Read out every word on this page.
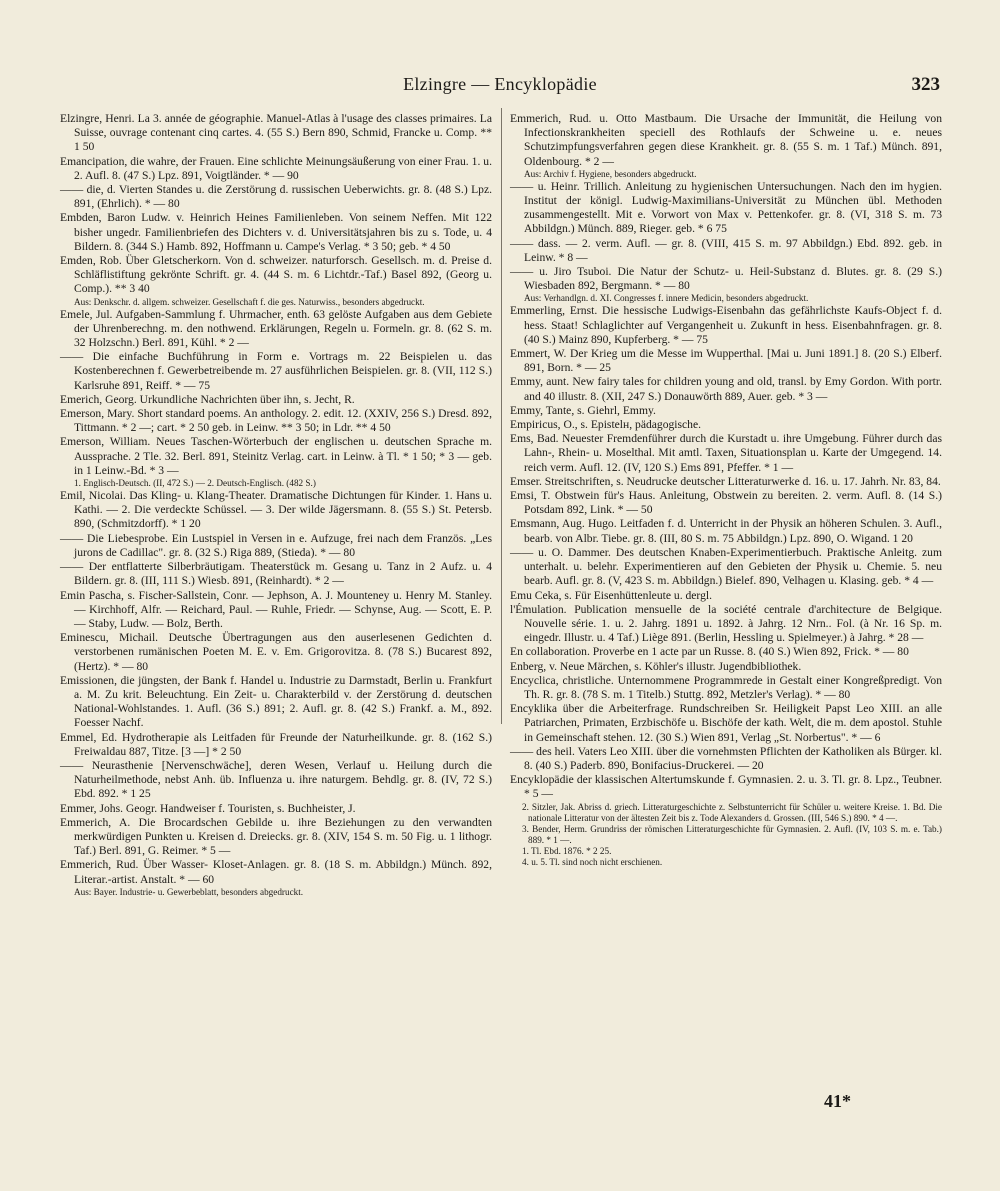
Elzingre — Encyklopädie	323
Elzingre, Henri. La 3. année de géographie. Manuel-Atlas à l'usage des classes primaires. La Suisse, ouvrage contenant cinq cartes. 4. (55 S.) Bern 890, Schmid, Francke u. Comp. ** 1 50
Emancipation, die wahre, der Frauen. Eine schlichte Meinungsäußerung von einer Frau. 1. u. 2. Aufl. 8. (47 S.) Lpz. 891, Voigtländer. * — 90
—— die, d. Vierten Standes u. die Zerstörung d. russischen Ueberwichts. gr. 8. (48 S.) Lpz. 891, (Ehrlich). * — 80
Embden, Baron Ludw. v. Heinrich Heines Familienleben. Von seinem Neffen. Mit 122 bisher ungedr. Familienbriefen des Dichters v. d. Universitätsjahren bis zu s. Tode, u. 4 Bildern. 8. (344 S.) Hamb. 892, Hoffmann u. Campe's Verlag. * 3 50; geb. * 4 50
Emden, Rob. Über Gletscherkorn. Von d. schweizer. naturforsch. Gesellsch. m. d. Preise d. Schläflistiftung gekrönte Schrift. gr. 4. (44 S. m. 6 Lichtdr.-Taf.) Basel 892, (Georg u. Comp.). ** 3 40
Aus: Denkschr. d. allgem. schweizer. Gesellschaft f. die ges. Naturwiss., besonders abgedruckt.
Emele, Jul. Aufgaben-Sammlung f. Uhrmacher, enth. 63 gelöste Aufgaben aus dem Gebiete der Uhrenberechng. m. den nothwend. Erklärungen, Regeln u. Formeln. gr. 8. (62 S. m. 32 Holzschn.) Berl. 891, Kühl. * 2 —
—— Die einfache Buchführung in Form e. Vortrags m. 22 Beispielen u. das Kostenberechnen f. Gewerbetreibende m. 27 ausführlichen Beispielen. gr. 8. (VII, 112 S.) Karlsruhe 891, Reiff. * — 75
Emerich, Georg. Urkundliche Nachrichten über ihn, s. Jecht, R.
Emerson, Mary. Short standard poems. An anthology. 2. edit. 12. (XXIV, 256 S.) Dresd. 892, Tittmann. * 2 —; cart. * 2 50 geb. in Leinw. ** 3 50; in Ldr. ** 4 50
Emerson, William. Neues Taschen-Wörterbuch der englischen u. deutschen Sprache m. Aussprache. 2 Tle. 32. Berl. 891, Steinitz Verlag. cart. in Leinw. à Tl. * 1 50; * 3 — geb. in 1 Leinw.-Bd. * 3 —
1. Englisch-Deutsch. (II, 472 S.) — 2. Deutsch-Englisch. (482 S.)
Emil, Nicolai. Das Kling- u. Klang-Theater. Dramatische Dichtungen für Kinder. 1. Hans u. Kathi. — 2. Die verdeckte Schüssel. — 3. Der wilde Jägersmann. 8. (55 S.) St. Petersb. 890, (Schmitzdorff). * 1 20
—— Die Liebesprobe. Ein Lustspiel in Versen in e. Aufzuge, frei nach dem Französ. „Les jurons de Cadillac". gr. 8. (32 S.) Riga 889, (Stieda). * — 80
—— Der entflatterte Silberbräutigam. Theaterstück m. Gesang u. Tanz in 2 Aufz. u. 4 Bildern. gr. 8. (III, 111 S.) Wiesb. 891, (Reinhardt). * 2 —
Emin Pascha, s. Fischer-Sallstein, Conr. — Jephson, A. J. Mounteney u. Henry M. Stanley. — Kirchhoff, Alfr. — Reichard, Paul. — Ruhle, Friedr. — Schynse, Aug. — Scott, E. P. — Staby, Ludw. — Bolz, Berth.
Eminescu, Michail. Deutsche Übertragungen aus den auserlesenen Gedichten d. verstorbenen rumänischen Poeten M. E. v. Em. Grigorovitza. 8. (78 S.) Bucarest 892, (Hertz). * — 80
Emissionen, die jüngsten, der Bank f. Handel u. Industrie zu Darmstadt, Berlin u. Frankfurt a. M. Zu krit. Beleuchtung. Ein Zeit- u. Charakterbild v. der Zerstörung d. deutschen National-Wohlstandes. 1. Aufl. (36 S.) 891; 2. Aufl. gr. 8. (42 S.) Frankf. a. M., 892. Foesser Nachf.
Emmel, Ed. Hydrotherapie als Leitfaden für Freunde der Naturheilkunde. gr. 8. (162 S.) Freiwaldau 887, Titze. [3 —] * 2 50
—— Neurasthenie [Nervenschwäche], deren Wesen, Verlauf u. Heilung durch die Naturheilmethode, nebst Anh. üb. Influenza u. ihre naturgem. Behdlg. gr. 8. (IV, 72 S.) Ebd. 892. * 1 25
Emmer, Johs. Geogr. Handweiser f. Touristen, s. Buchheister, J.
Emmerich, A. Die Brocardschen Gebilde u. ihre Beziehungen zu den verwandten merkwürdigen Punkten u. Kreisen d. Dreiecks. gr. 8. (XIV, 154 S. m. 50 Fig. u. 1 lithogr. Taf.) Berl. 891, G. Reimer. * 5 —
Emmerich, Rud. Über Wasser- Kloset-Anlagen. gr. 8. (18 S. m. Abbildgn.) Münch. 892, Literar.-artist. Anstalt. * — 60
Aus: Bayer. Industrie- u. Gewerbeblatt, besonders abgedruckt.
Emmerich, Rud. u. Otto Mastbaum. Die Ursache der Immunität, die Heilung von Infectionskrankheiten speciell des Rothlaufs der Schweine u. e. neues Schutzimpfungsverfahren gegen diese Krankheit. gr. 8. (55 S. m. 1 Taf.) Münch. 891, Oldenbourg. * 2 —
Aus: Archiv f. Hygiene, besonders abgedruckt.
—— u. Heinr. Trillich. Anleitung zu hygienischen Untersuchungen. Nach den im hygien. Institut der königl. Ludwig-Maximilians-Universität zu München übl. Methoden zusammengestellt. Mit e. Vorwort von Max v. Pettenkofer. gr. 8. (VI, 318 S. m. 73 Abbildgn.) Münch. 889, Rieger. geb. * 6 75
—— dass. — 2. verm. Aufl. — gr. 8. (VIII, 415 S. m. 97 Abbildgn.) Ebd. 892. geb. in Leinw. * 8 —
—— u. Jiro Tsuboi. Die Natur der Schutz- u. Heil-Substanz d. Blutes. gr. 8. (29 S.) Wiesbaden 892, Bergmann. * — 80
Aus: Verhandlgn. d. XI. Congresses f. innere Medicin, besonders abgedruckt.
Emmerling, Ernst. Die hessische Ludwigs-Eisenbahn das gefährlichste Kaufs-Object f. d. hess. Staat! Schlaglichter auf Vergangenheit u. Zukunft in hess. Eisenbahnfragen. gr. 8. (40 S.) Mainz 890, Kupferberg. * — 75
Emmert, W. Der Krieg um die Messe im Wupperthal. [Mai u. Juni 1891.] 8. (20 S.) Elberf. 891, Born. * — 25
Emmy, aunt. New fairy tales for children young and old, transl. by Emy Gordon. With portr. and 40 illustr. 8. (XII, 247 S.) Donauwörth 889, Auer. geb. * 3 —
Emmy, Tante, s. Giehrl, Emmy.
Empiricus, O., s. Epistelн, pädagogische.
Ems, Bad. Neuester Fremdenführer durch die Kurstadt u. ihre Umgebung. Führer durch das Lahn-, Rhein- u. Moselthal. Mit amtl. Taxen, Situationsplan u. Karte der Umgegend. 14. reich verm. Aufl. 12. (IV, 120 S.) Ems 891, Pfeffer. * 1 —
Emser. Streitschriften, s. Neudrucke deutscher Litteraturwerke d. 16. u. 17. Jahrh. Nr. 83, 84.
Emsi, T. Obstwein für's Haus. Anleitung, Obstwein zu bereiten. 2. verm. Aufl. 8. (14 S.) Potsdam 892, Link. * — 50
Emsmann, Aug. Hugo. Leitfaden f. d. Unterricht in der Physik an höheren Schulen. 3. Aufl., bearb. von Albr. Tiebe. gr. 8. (III, 80 S. m. 75 Abbildgn.) Lpz. 890, O. Wigand. 1 20
—— u. O. Dammer. Des deutschen Knaben-Experimentierbuch. Praktische Anleitg. zum unterhalt. u. belehr. Experimentieren auf den Gebieten der Physik u. Chemie. 5. neu bearb. Aufl. gr. 8. (V, 423 S. m. Abbildgn.) Bielef. 890, Velhagen u. Klasing. geb. * 4 —
Emu Ceka, s. Für Eisenhüttenleute u. dergl.
l'Émulation. Publication mensuelle de la société centrale d'architecture de Belgique. Nouvelle série. 1. u. 2. Jahrg. 1891 u. 1892. à Jahrg. 12 Nrn.. Fol. (à Nr. 16 Sp. m. eingedr. Illustr. u. 4 Taf.) Liège 891. (Berlin, Hessling u. Spielmeyer.) à Jahrg. * 28 —
En collaboration. Proverbe en 1 acte par un Russe. 8. (40 S.) Wien 892, Frick. * — 80
Enberg, v. Neue Märchen, s. Köhler's illustr. Jugendbibliothek.
Encyclica, christliche. Unternommene Programmrede in Gestalt einer Kongreßpredigt. Von Th. R. gr. 8. (78 S. m. 1 Titelb.) Stuttg. 892, Metzler's Verlag). * — 80
Encyklika über die Arbeiterfrage. Rundschreiben Sr. Heiligkeit Papst Leo XIII. an alle Patriarchen, Primaten, Erzbischöfe u. Bischöfe der kath. Welt, die m. dem apostol. Stuhle in Gemeinschaft stehen. 12. (30 S.) Wien 891, Verlag „St. Norbertus". * — 6
—— des heil. Vaters Leo XIII. über die vornehmsten Pflichten der Katholiken als Bürger. kl. 8. (40 S.) Paderb. 890, Bonifacius-Druckerei. — 20
Encyklopädie der klassischen Altertumskunde f. Gymnasien. 2. u. 3. Tl. gr. 8. Lpz., Teubner. * 5 —
2. Sitzler, Jak. Abriss d. griech. Litteraturgeschichte z. Selbstunterricht für Schüler u. weitere Kreise. 1. Bd. Die nationale Litteratur von der ältesten Zeit bis z. Tode Alexanders d. Grossen. (III, 546 S.) 890. * 4 —.
3. Bender, Herm. Grundriss der römischen Litteraturgeschichte für Gymnasien. 2. Aufl. (IV, 103 S. m. e. Tab.) 889. * 1 —.
1. Tl. Ebd. 1876. * 2 25.
4. u. 5. Tl. sind noch nicht erschienen.
41*
